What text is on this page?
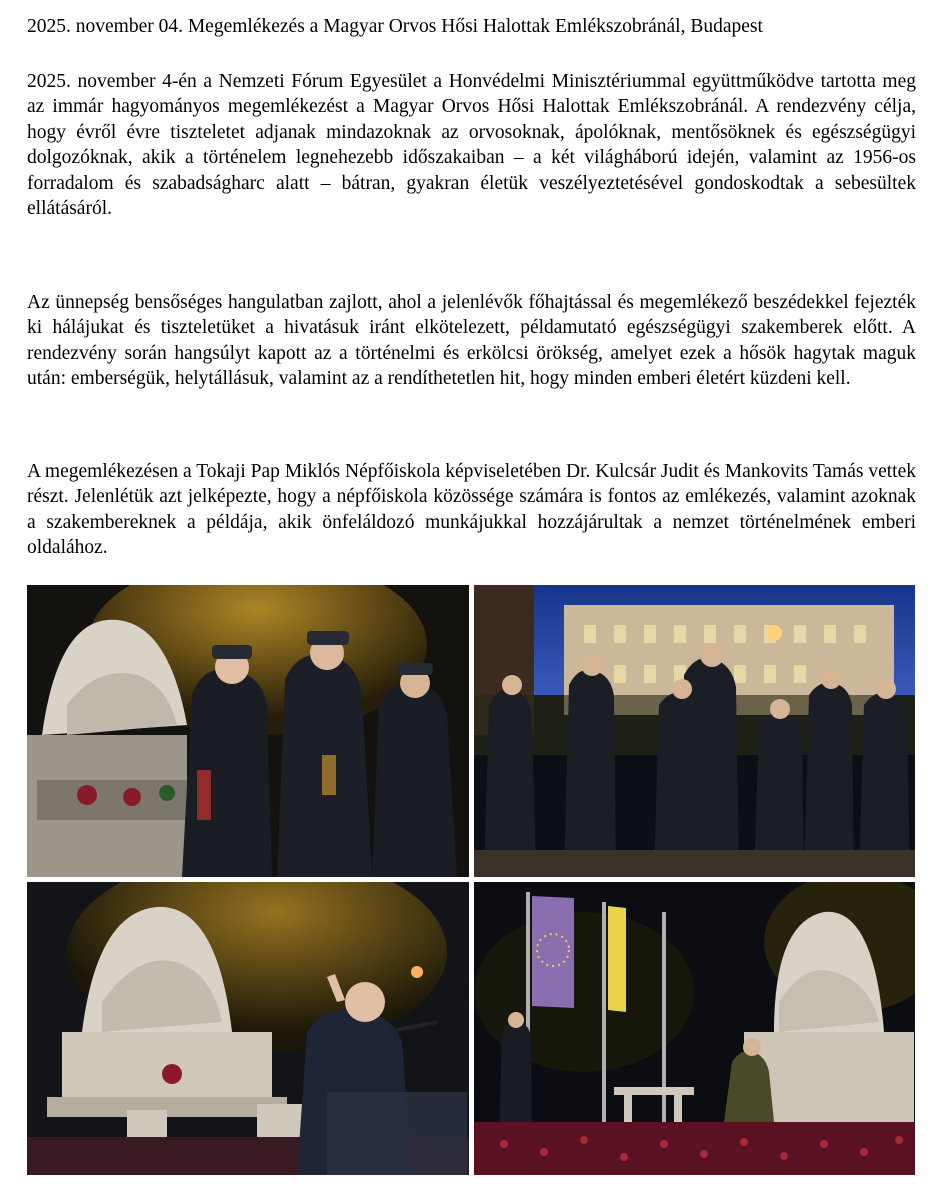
2025. november 04. Megemlékezés a Magyar Orvos Hősi Halottak Emlékszobránál, Budapest

2025. november 4-én a Nemzeti Fórum Egyesület a Honvédelmi Minisztériummal együttműködve tartotta meg az immár hagyományos megemlékezést a Magyar Orvos Hősi Halottak Emlékszobránál. A rendezvény célja, hogy évről évre tiszteletet adjanak mindazoknak az orvosoknak, ápolóknak, mentősöknek és egészségügyi dolgozóknak, akik a történelem legnehezebb időszakaiban – a két világháború idején, valamint az 1956-os forradalom és szabadságharc alatt – bátran, gyakran életük veszélyeztetésével gondoskodtak a sebesültek ellátásáról.

Az ünnepség bensőséges hangulatban zajlott, ahol a jelenlévők főhajtással és megemlékező beszédekkel fejezték ki hálájukat és tiszteletüket a hivatásuk iránt elkötelezett, példamutató egészségügyi szakemberek előtt. A rendezvény során hangsúlyt kapott az a történelmi és erkölcsi örökség, amelyet ezek a hősök hagytak maguk után: emberségük, helytállásuk, valamint az a rendíthetetlen hit, hogy minden emberi életért küzdeni kell.

A megemlékezésen a Tokaji Pap Miklós Népfőiskola képviseletében Dr. Kulcsár Judit és Mankovits Tamás vettek részt. Jelenlétük azt jelképezte, hogy a népfőiskola közössége számára is fontos az emlékezés, valamint azoknak a szakembereknek a példája, akik önfeláldozó munkájukkal hozzájárultak a nemzet történelmének emberi oldalához.
